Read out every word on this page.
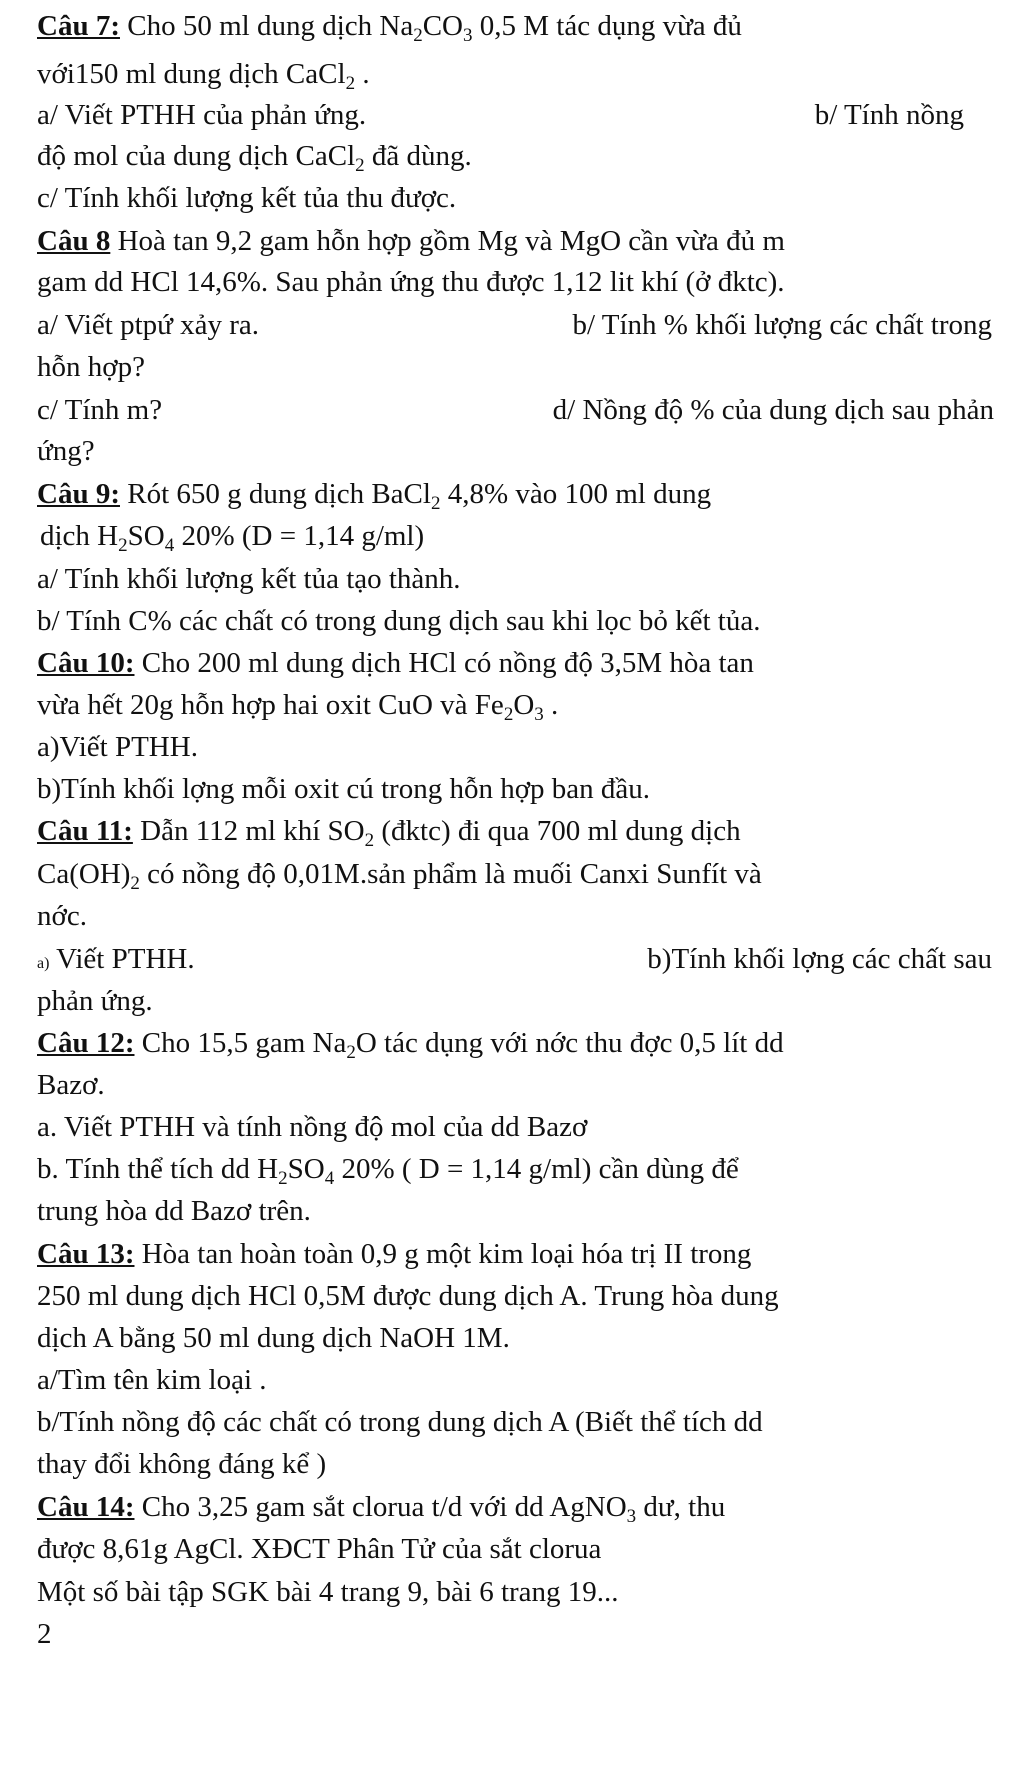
Câu 7: Cho 50 ml dung dịch $Na_2CO_3$ 0,5 M tác dụng vừa đủ
với150 ml dung dịch CaCl$_2$ .
a/ Viết PTHH của phản ứng.	b/ Tính nồng
độ mol của dung dịch CaCl$_2$ đã dùng.
c/ Tính khối lượng kết tủa thu được.
Câu 8 Hoà tan 9,2 gam hỗn hợp gồm Mg và MgO cần vừa đủ m
gam dd HCl 14,6%. Sau phản ứng thu được 1,12 lit khí (ở đktc).
a/ Viết ptpứ xảy ra.	b/ Tính % khối lượng các chất trong
hỗn hợp?
c/ Tính m?	d/ Nồng độ % của dung dịch sau phản
ứng?
Câu 9: Rót 650 g dung dịch BaCl$_2$ 4,8% vào 100 ml dung
dịch $H_2SO_4$ 20% (D = 1,14 g/ml)
a/ Tính khối lượng kết tủa tạo thành.
b/ Tính C% các chất có trong dung dịch sau khi lọc bỏ kết tủa.
Câu 10: Cho 200 ml dung dịch HCl có nồng độ 3,5M hòa tan
vừa hết 20g hỗn hợp hai oxit CuO và $Fe_2O_3$ .
a)Viết PTHH.
b)Tính khối lợng mỗi oxit cú trong hỗn hợp ban đầu.
Câu 11: Dẫn 112 ml khí $SO_2$ (đktc) đi qua 700 ml dung dịch
$Ca(OH)_2$ có nồng độ 0,01M.sản phẩm là muối Canxi Sunfít và
nớc.
a) Viết PTHH.	b)Tính khối lợng các chất sau
phản ứng.
Câu 12: Cho 15,5 gam $Na_2O$ tác dụng với nớc thu đợc 0,5 lít dd
Bazơ.
a. Viết PTHH và tính nồng độ mol của dd Bazơ
b. Tính thể tích dd $H_2SO_4$ 20% ( D = 1,14 g/ml) cần dùng để
trung hòa dd Bazơ trên.
Câu 13: Hòa tan hoàn toàn 0,9 g một kim loại hóa trị II trong
250 ml dung dịch HCl 0,5M được dung dịch A. Trung hòa dung
dịch A bằng 50 ml dung dịch NaOH 1M.
a/Tìm tên kim loại .
b/Tính nồng độ các chất có trong dung dịch A (Biết thể tích dd
thay đổi không đáng kể )
Câu 14: Cho 3,25 gam sắt clorua t/d với dd AgNO$_3$ dư, thu
được 8,61g AgCl. XĐCT Phân Tử của sắt clorua
Một số bài tập SGK bài 4 trang 9, bài 6 trang 19...
2
